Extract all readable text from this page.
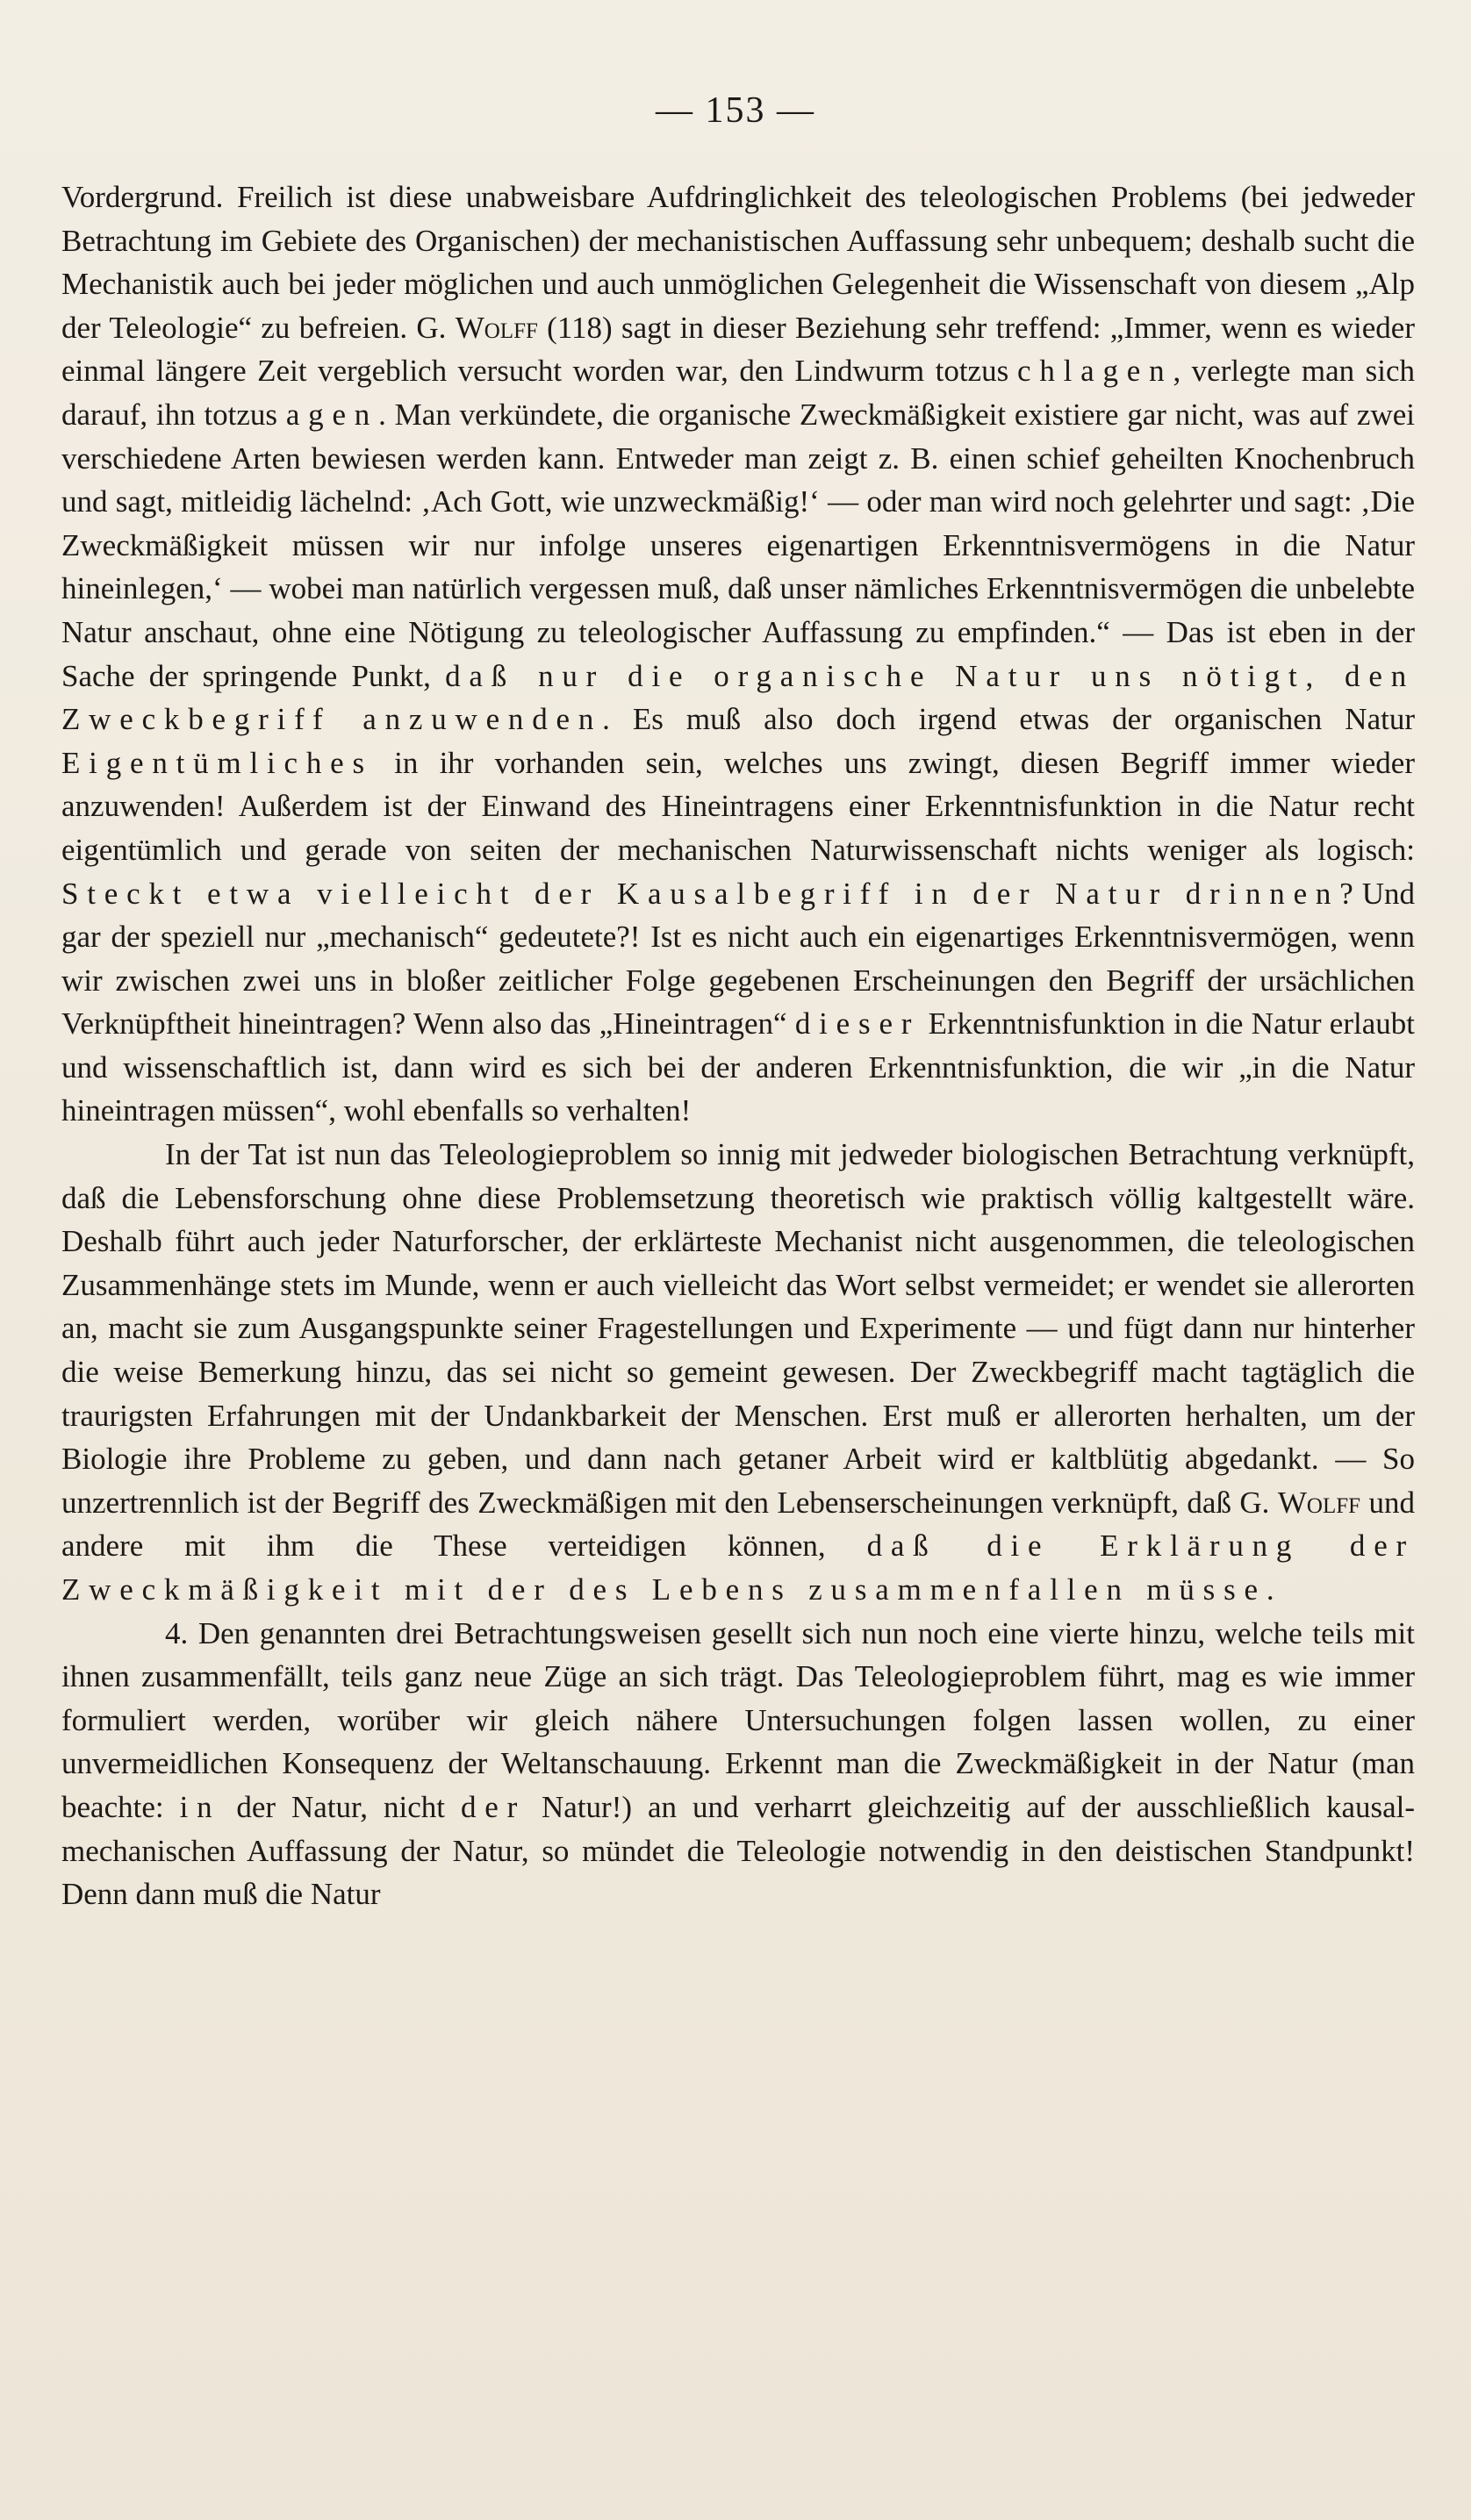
— 153 —

Vordergrund. Freilich ist diese unabweisbare Aufdringlichkeit des teleologischen Problems (bei jedweder Betrachtung im Gebiete des Organischen) der mechanistischen Auffassung sehr unbequem; deshalb sucht die Mechanistik auch bei jeder möglichen und auch unmöglichen Gelegenheit die Wissenschaft von diesem „Alp der Teleologie“ zu befreien. G. Wolff (118) sagt in dieser Beziehung sehr treffend: „Immer, wenn es wieder einmal längere Zeit vergeblich versucht worden war, den Lindwurm totzuschlagen, verlegte man sich darauf, ihn totzusagen. Man verkündete, die organische Zweckmäßigkeit existiere gar nicht, was auf zwei verschiedene Arten bewiesen werden kann. Entweder man zeigt z. B. einen schief geheilten Knochenbruch und sagt, mitleidig lächelnd: ‚Ach Gott, wie unzweckmäßig!‘ — oder man wird noch gelehrter und sagt: ‚Die Zweckmäßigkeit müssen wir nur infolge unseres eigenartigen Erkenntnisvermögens in die Natur hineinlegen,‘ — wobei man natürlich vergessen muß, daß unser nämliches Erkenntnisvermögen die unbelebte Natur anschaut, ohne eine Nötigung zu teleologischer Auffassung zu empfinden.“ — Das ist eben in der Sache der springende Punkt, daß nur die organische Natur uns nötigt, den Zweckbegriff anzuwenden. Es muß also doch irgend etwas der organischen Natur Eigentümliches in ihr vorhanden sein, welches uns zwingt, diesen Begriff immer wieder anzuwenden! Außerdem ist der Einwand des Hineintragens einer Erkenntnisfunktion in die Natur recht eigentümlich und gerade von seiten der mechanischen Naturwissenschaft nichts weniger als logisch: Steckt etwa vielleicht der Kausalbegriff in der Natur drinnen? Und gar der speziell nur „mechanisch“ gedeutete?! Ist es nicht auch ein eigenartiges Erkenntnisvermögen, wenn wir zwischen zwei uns in bloßer zeitlicher Folge gegebenen Erscheinungen den Begriff der ursächlichen Verknüpftheit hineintragen? Wenn also das „Hineintragen“ dieser Erkenntnisfunktion in die Natur erlaubt und wissenschaftlich ist, dann wird es sich bei der anderen Erkenntnisfunktion, die wir „in die Natur hineintragen müssen“, wohl ebenfalls so verhalten!

In der Tat ist nun das Teleologieproblem so innig mit jedweder biologischen Betrachtung verknüpft, daß die Lebensforschung ohne diese Problemsetzung theoretisch wie praktisch völlig kaltgestellt wäre. Deshalb führt auch jeder Naturforscher, der erklärteste Mechanist nicht ausgenommen, die teleologischen Zusammenhänge stets im Munde, wenn er auch vielleicht das Wort selbst vermeidet; er wendet sie allerorten an, macht sie zum Ausgangspunkte seiner Fragestellungen und Experimente — und fügt dann nur hinterher die weise Bemerkung hinzu, das sei nicht so gemeint gewesen. Der Zweckbegriff macht tagtäglich die traurigsten Erfahrungen mit der Undankbarkeit der Menschen. Erst muß er allerorten herhalten, um der Biologie ihre Probleme zu geben, und dann nach getaner Arbeit wird er kaltblütig abgedankt. — So unzertrennlich ist der Begriff des Zweckmäßigen mit den Lebenserscheinungen verknüpft, daß G. Wolff und andere mit ihm die These verteidigen können, daß die Erklärung der Zweckmäßigkeit mit der des Lebens zusammenfallen müsse.

4. Den genannten drei Betrachtungsweisen gesellt sich nun noch eine vierte hinzu, welche teils mit ihnen zusammenfällt, teils ganz neue Züge an sich trägt. Das Teleologieproblem führt, mag es wie immer formuliert werden, worüber wir gleich nähere Untersuchungen folgen lassen wollen, zu einer unvermeidlichen Konsequenz der Weltanschauung. Erkennt man die Zweckmäßigkeit in der Natur (man beachte: in der Natur, nicht der Natur!) an und verharrt gleichzeitig auf der ausschließlich kausal-mechanischen Auffassung der Natur, so mündet die Teleologie notwendig in den deistischen Standpunkt! Denn dann muß die Natur
